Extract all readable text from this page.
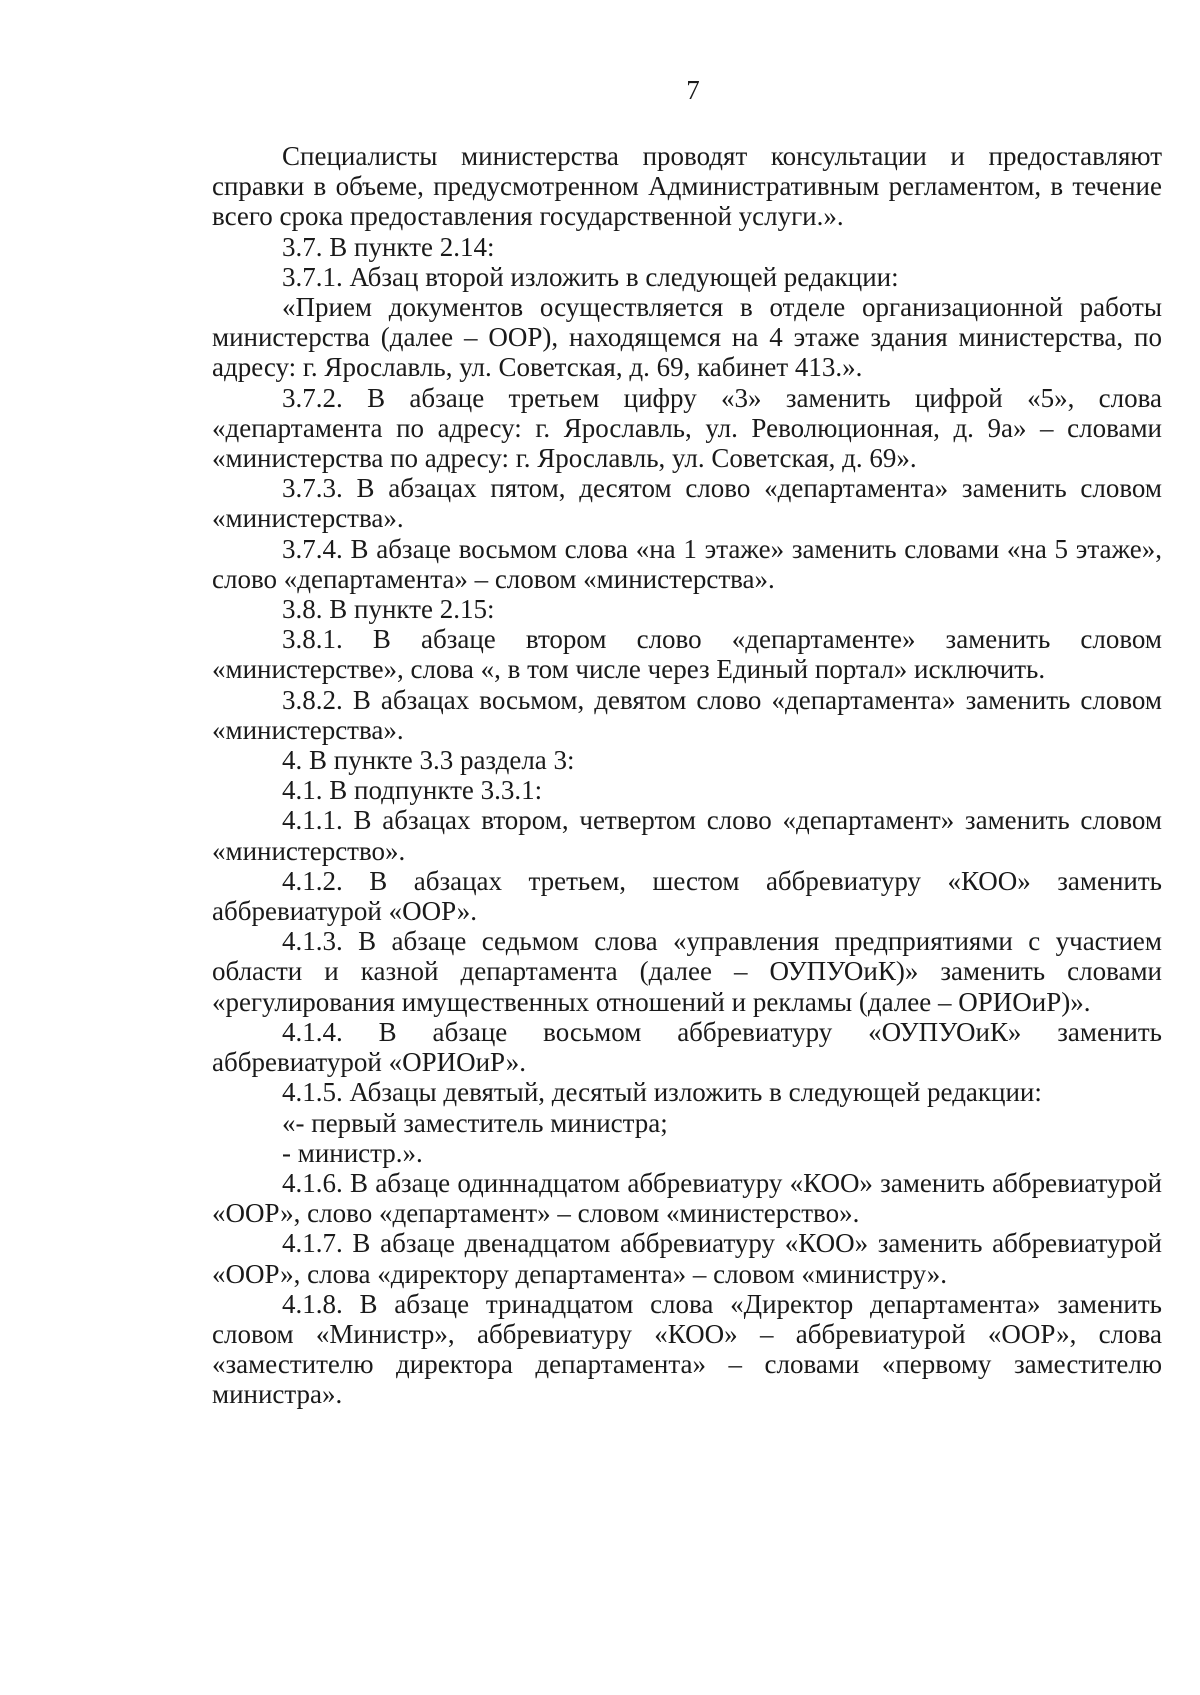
7

Специалисты министерства проводят консультации и предоставляют справки в объеме, предусмотренном Административным регламентом, в течение всего срока предоставления государственной услуги.».

3.7. В пункте 2.14:

3.7.1. Абзац второй изложить в следующей редакции:

«Прием документов осуществляется в отделе организационной работы министерства (далее – ООР), находящемся на 4 этаже здания министерства, по адресу: г. Ярославль, ул. Советская, д. 69, кабинет 413.».

3.7.2. В абзаце третьем цифру «3» заменить цифрой «5», слова «департамента по адресу: г. Ярославль, ул. Революционная, д. 9а» – словами «министерства по адресу: г. Ярославль, ул. Советская, д. 69».

3.7.3. В абзацах пятом, десятом слово «департамента» заменить словом «министерства».

3.7.4. В абзаце восьмом слова «на 1 этаже» заменить словами «на 5 этаже», слово «департамента» – словом «министерства».

3.8. В пункте 2.15:

3.8.1. В абзаце втором слово «департаменте» заменить словом «министерстве», слова «, в том числе через Единый портал» исключить.

3.8.2. В абзацах восьмом, девятом слово «департамента» заменить словом «министерства».

4. В пункте 3.3 раздела 3:

4.1. В подпункте 3.3.1:

4.1.1. В абзацах втором, четвертом слово «департамент» заменить словом «министерство».

4.1.2. В абзацах третьем, шестом аббревиатуру «КОО» заменить аббревиатурой «ООР».

4.1.3. В абзаце седьмом слова «управления предприятиями с участием области и казной департамента (далее – ОУПУОиК)» заменить словами «регулирования имущественных отношений и рекламы (далее – ОРИОиР)».

4.1.4. В абзаце восьмом аббревиатуру «ОУПУОиК» заменить аббревиатурой «ОРИОиР».

4.1.5. Абзацы девятый, десятый изложить в следующей редакции:

«- первый заместитель министра;

- министр.».

4.1.6. В абзаце одиннадцатом аббревиатуру «КОО» заменить аббревиатурой «ООР», слово «департамент» – словом «министерство».

4.1.7. В абзаце двенадцатом аббревиатуру «КОО» заменить аббревиатурой «ООР», слова «директору департамента» – словом «министру».

4.1.8. В абзаце тринадцатом слова «Директор департамента» заменить словом «Министр», аббревиатуру «КОО» – аббревиатурой «ООР», слова «заместителю директора департамента» – словами «первому заместителю министра».
